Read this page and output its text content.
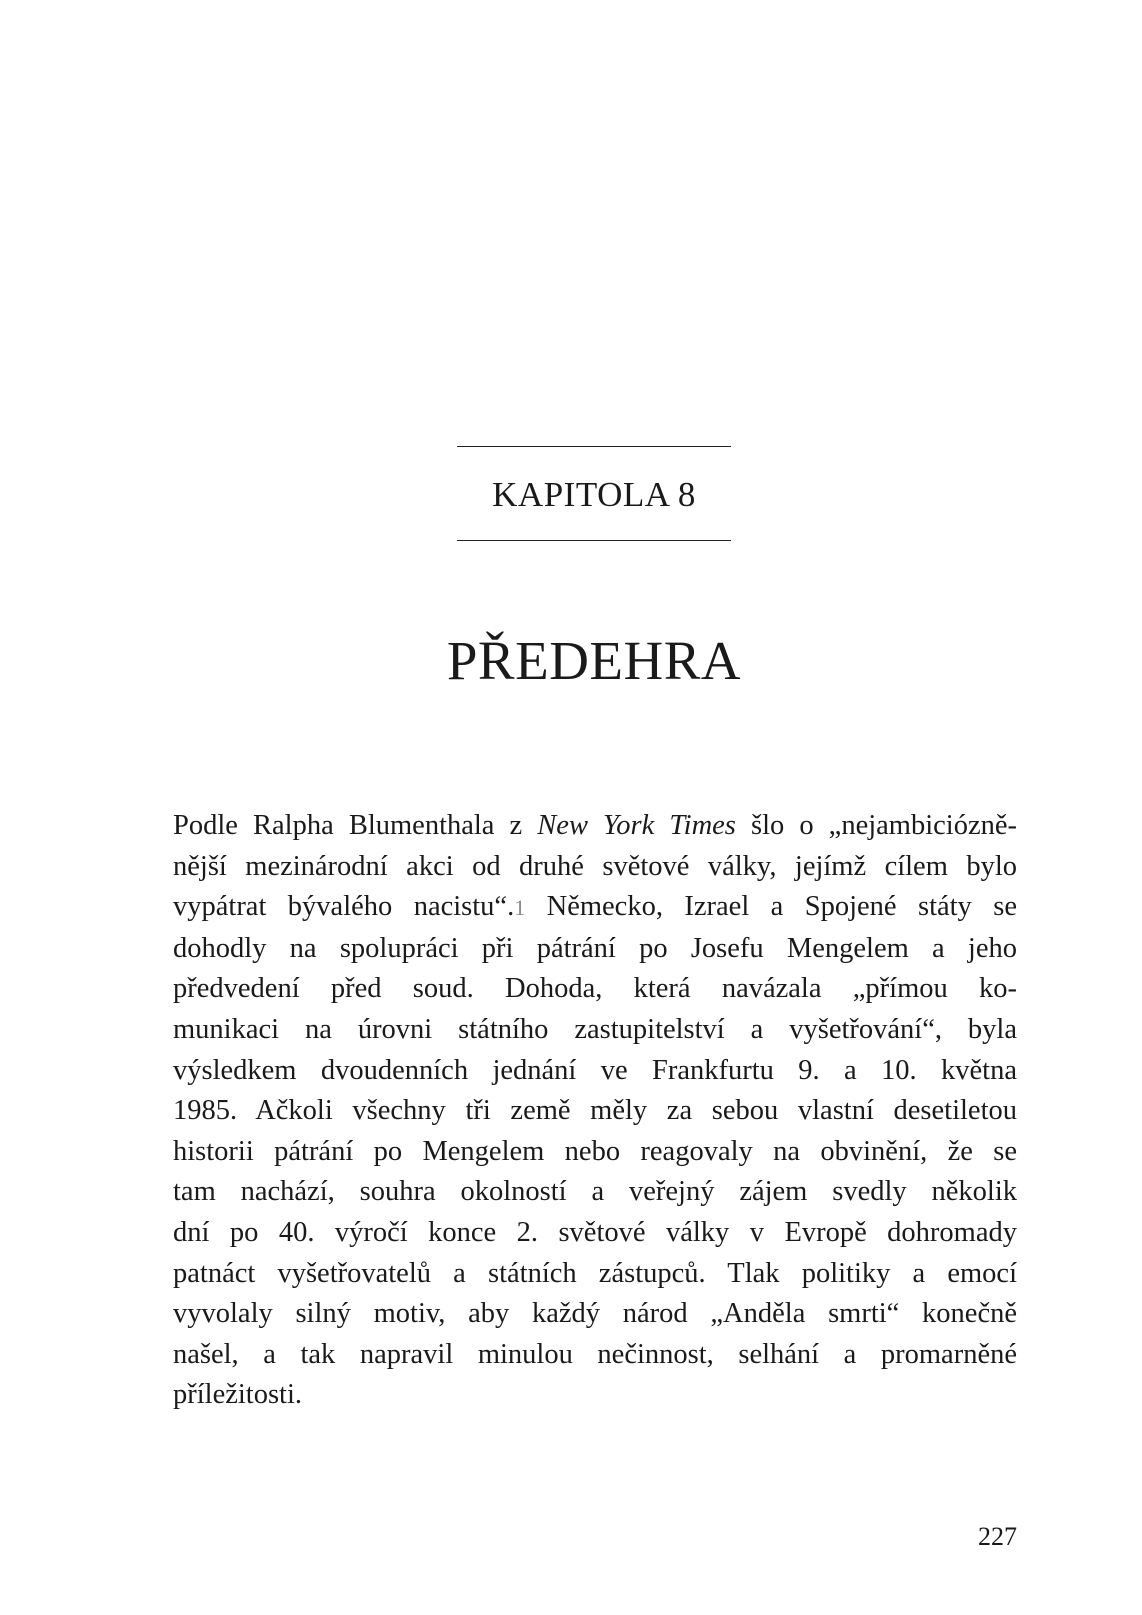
KAPITOLA 8
PŘEDEHRA
Podle Ralpha Blumenthala z New York Times šlo o „nejambiciózně-
nější mezinárodní akci od druhé světové války, jejímž cílem bylo
vypátrat bývalého nacistu“.1 Německo, Izrael a Spojené státy se
dohodly na spolupráci při pátrání po Josefu Mengelem a jeho
předvedení před soud. Dohoda, která navázala „přímou ko-
munikaci na úrovni státního zastupitelství a vyšetřování“, byla
výsledkem dvoudenních jednání ve Frankfurtu 9. a 10. května
1985. Ačkoli všechny tři země měly za sebou vlastní desetiletou
historii pátrání po Mengelem nebo reagovaly na obvinění, že se
tam nachází, souhra okolností a veřejný zájem svedly několik
dní po 40. výročí konce 2. světové války v Evropě dohromady
patnáct vyšetřovatelů a státních zástupců. Tlak politiky a emocí
vyvolaly silný motiv, aby každý národ „Anděla smrti“ konečně
našel, a tak napravil minulou nečinnost, selhání a promarněné
příležitosti.
227
